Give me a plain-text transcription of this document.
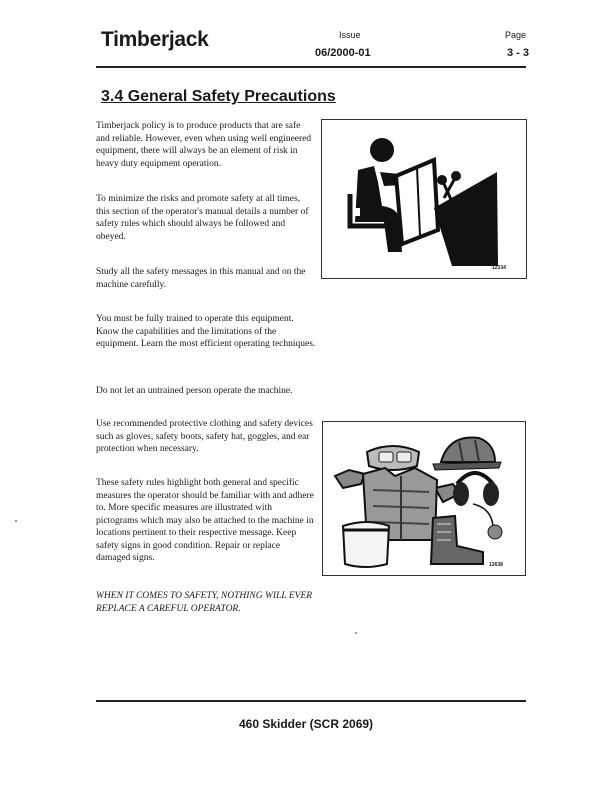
Timberjack	Issue
06/2000-01
Page
3 - 3
3.4 General Safety Precautions

Timberjack policy is to produce products that are safe and reliable. However, even when using well engineered equipment, there will always be an element of risk in heavy duty equipment operation.

To minimize the risks and promote safety at all times, this section of the operator's manual details a number of safety rules which should always be followed and obeyed.

Study all the safety messages in this manual and on the machine carefully.

You must be fully trained to operate this equipment. Know the capabilities and the limitations of the equipment. Learn the most efficient operating techniques.

Do not let an untrained person operate the machine.

Use recommended protective clothing and safety devices such as gloves, safety boots, safety hat, goggles, and ear protection when necessary.

These safety rules highlight both general and specific measures the operator should be familiar with and adhere to. More specific measures are illustrated with pictograms which may also be attached to the machine in locations pertinent to their respective message. Keep safety signs in good condition. Repair or replace damaged signs.

WHEN IT COMES TO SAFETY, NOTHING WILL EVER REPLACE A CAREFUL OPERATOR.

12334
12638
460 Skidder (SCR 2069)
